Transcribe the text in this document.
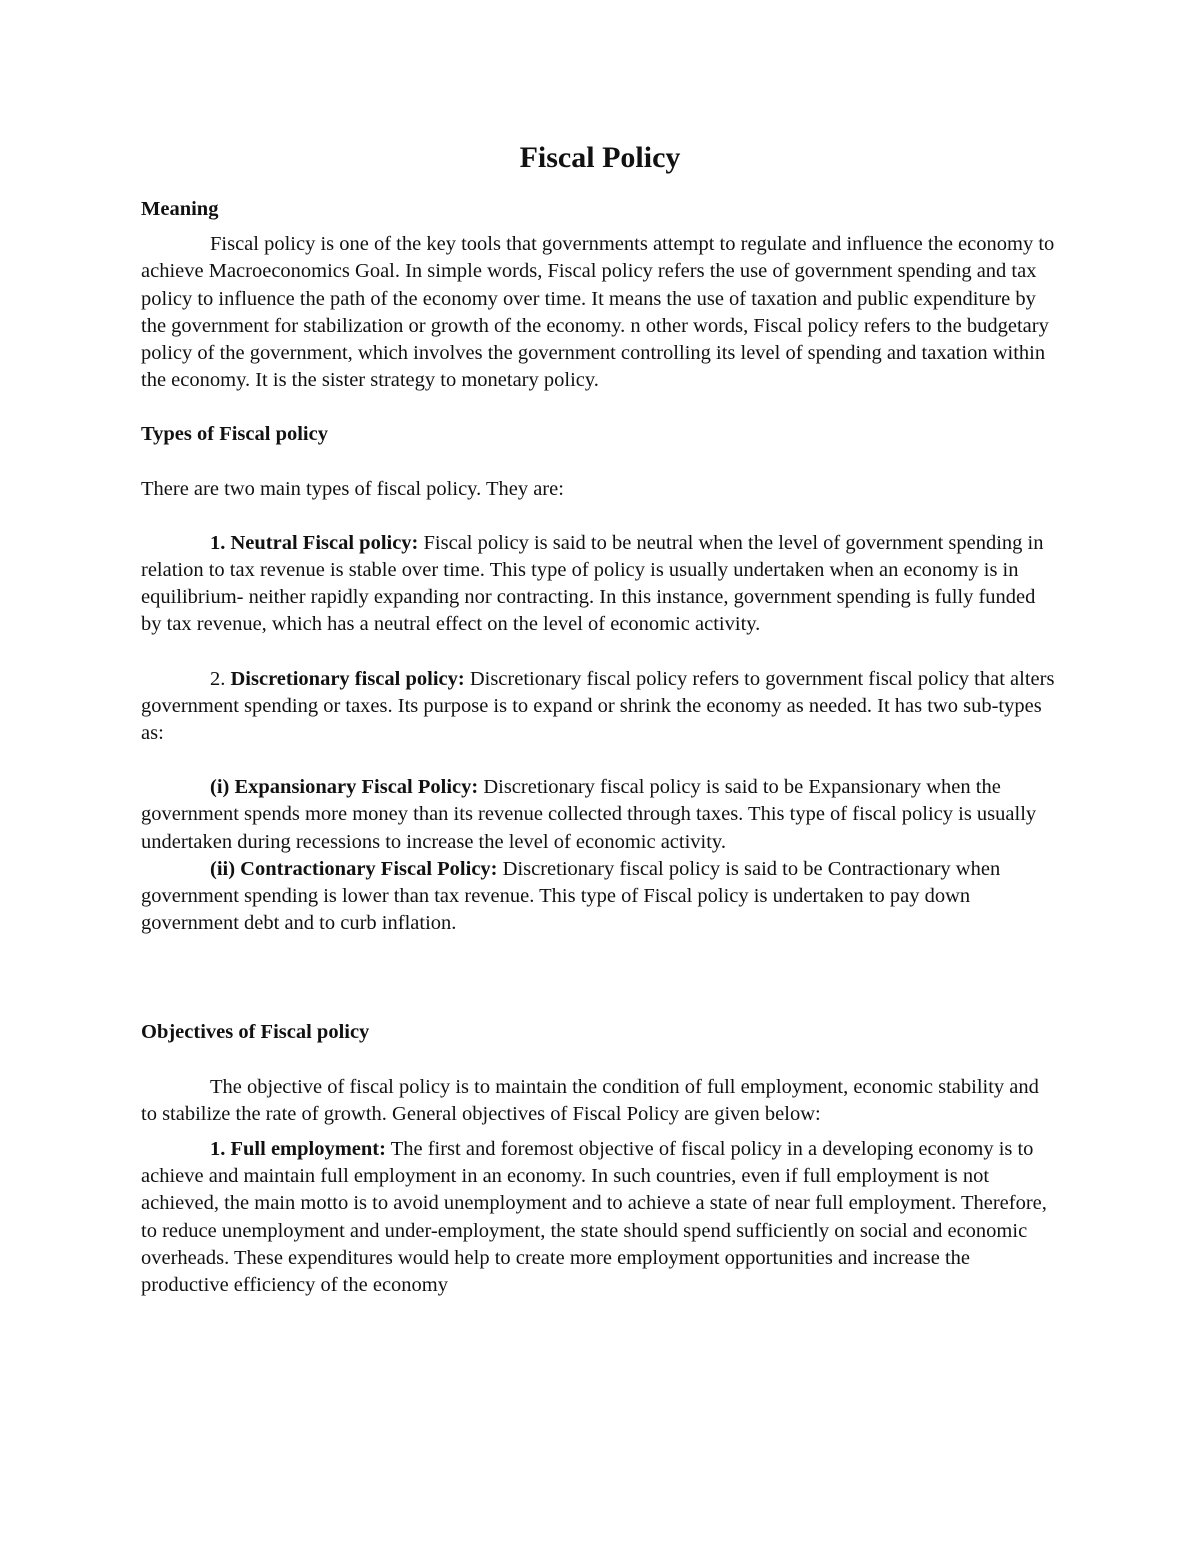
Fiscal Policy

Meaning

Fiscal policy is one of the key tools that governments attempt to regulate and influence the economy to achieve Macroeconomics Goal. In simple words, Fiscal policy refers the use of government spending and tax policy to influence the path of the economy over time. It means the use of taxation and public expenditure by the government for stabilization or growth of the economy. n other words, Fiscal policy refers to the budgetary policy of the government, which involves the government controlling its level of spending and taxation within the economy. It is the sister strategy to monetary policy.

Types of Fiscal policy

There are two main types of fiscal policy. They are:

1. Neutral Fiscal policy: Fiscal policy is said to be neutral when the level of government spending in relation to tax revenue is stable over time. This type of policy is usually undertaken when an economy is in equilibrium- neither rapidly expanding nor contracting. In this instance, government spending is fully funded by tax revenue, which has a neutral effect on the level of economic activity.

2. Discretionary fiscal policy: Discretionary fiscal policy refers to government fiscal policy that alters government spending or taxes. Its purpose is to expand or shrink the economy as needed. It has two sub-types as:

(i) Expansionary Fiscal Policy: Discretionary fiscal policy is said to be Expansionary when the government spends more money than its revenue collected through taxes. This type of fiscal policy is usually undertaken during recessions to increase the level of economic activity.

(ii) Contractionary Fiscal Policy: Discretionary fiscal policy is said to be Contractionary when government spending is lower than tax revenue. This type of Fiscal policy is undertaken to pay down government debt and to curb inflation.

Objectives of Fiscal policy

The objective of fiscal policy is to maintain the condition of full employment, economic stability and to stabilize the rate of growth. General objectives of Fiscal Policy are given below:

1. Full employment: The first and foremost objective of fiscal policy in a developing economy is to achieve and maintain full employment in an economy. In such countries, even if full employment is not achieved, the main motto is to avoid unemployment and to achieve a state of near full employment. Therefore, to reduce unemployment and under-employment, the state should spend sufficiently on social and economic overheads. These expenditures would help to create more employment opportunities and increase the productive efficiency of the economy
